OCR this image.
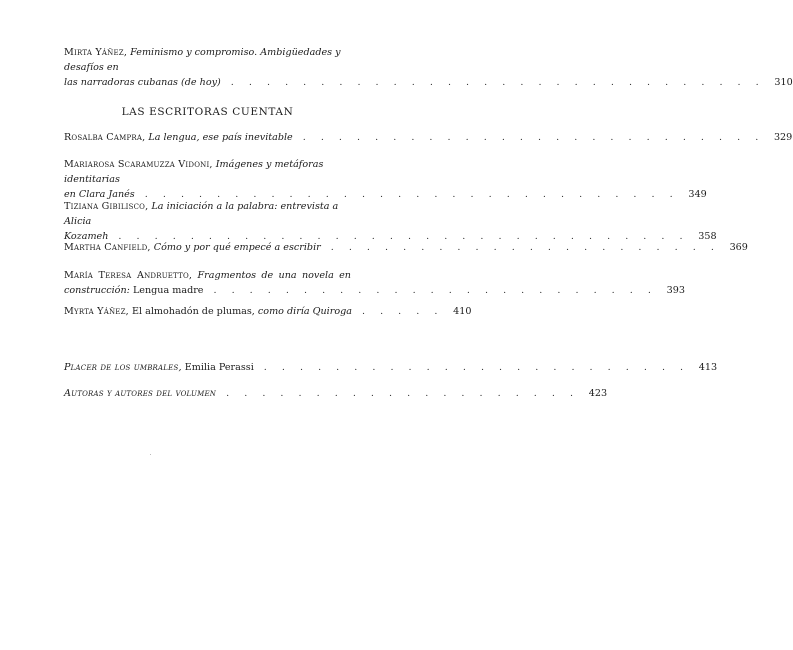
Mirta Yáñez, Feminismo y compromiso. Ambigüedades y desafíos en
las narradoras cubanas (de hoy)	. . . . . . . . . . . . . . . . . . . . . . . . . . . . . .	310
LAS ESCRITORAS CUENTAN
Rosalba Campra, La lengua, ese país inevitable	. . . . . . . . . . . . . . . . . . . . . . . . . .	329
Mariarosa Scaramuzza Vidoni, Imágenes y metáforas identitarias
en Clara Janés	. . . . . . . . . . . . . . . . . . . . . . . . . . . . . .	349
Tiziana Gibilisco, La iniciación a la palabra: entrevista a Alicia
Kozameh	. . . . . . . . . . . . . . . . . . . . . . . . . . . . . . . .	358
Martha Canfield, Cómo y por qué empecé a escribir	. . . . . . . . . . . . . . . . . . . . . .	369
María Teresa Andruetto, Fragmentos de una novela en
construcción: Lengua madre	. . . . . . . . . . . . . . . . . . . . . . . . .	393
Myrta Yáñez, El almohadón de plumas, como diría Quiroga	. . . . .	410
Placer de los umbrales, Emilia Perassi	. . . . . . . . . . . . . . . . . . . . . . . .	413
Autoras y autores del volumen	. . . . . . . . . . . . . . . . . . . .	423
